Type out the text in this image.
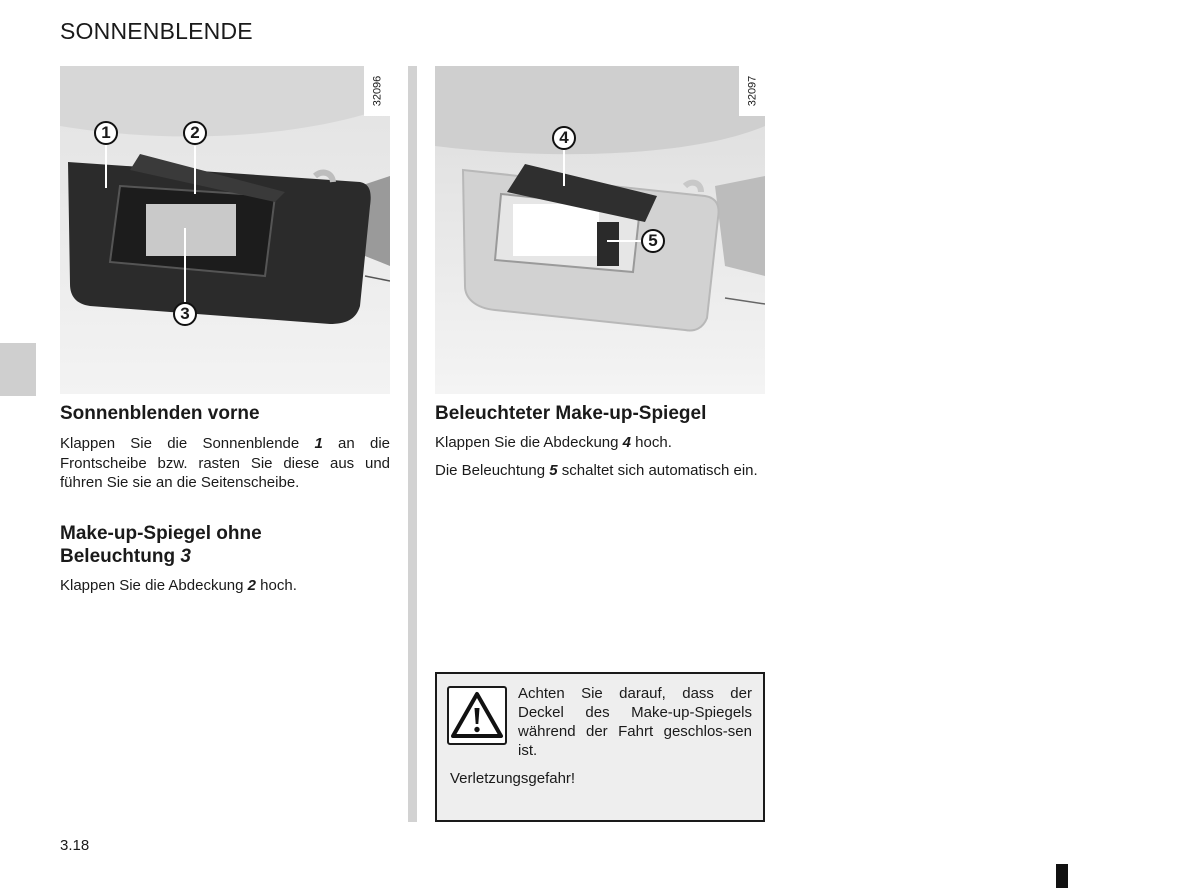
SONNENBLENDE
32096
1	2
3
32097
4
5
Sonnenblenden vorne
Klappen Sie die Sonnenblende 1 an die Frontscheibe bzw. rasten Sie diese aus und führen Sie sie an die Seitenscheibe.
Make-up-Spiegel ohne
Beleuchtung 3
Klappen Sie die Abdeckung 2 hoch.
Beleuchteter Make-up-Spiegel
Klappen Sie die Abdeckung 4 hoch.
Die Beleuchtung 5 schaltet sich automatisch ein.
Achten Sie darauf, dass der Deckel des Make-up-Spiegels während der Fahrt geschlos-sen ist.
Verletzungsgefahr!
3.18
